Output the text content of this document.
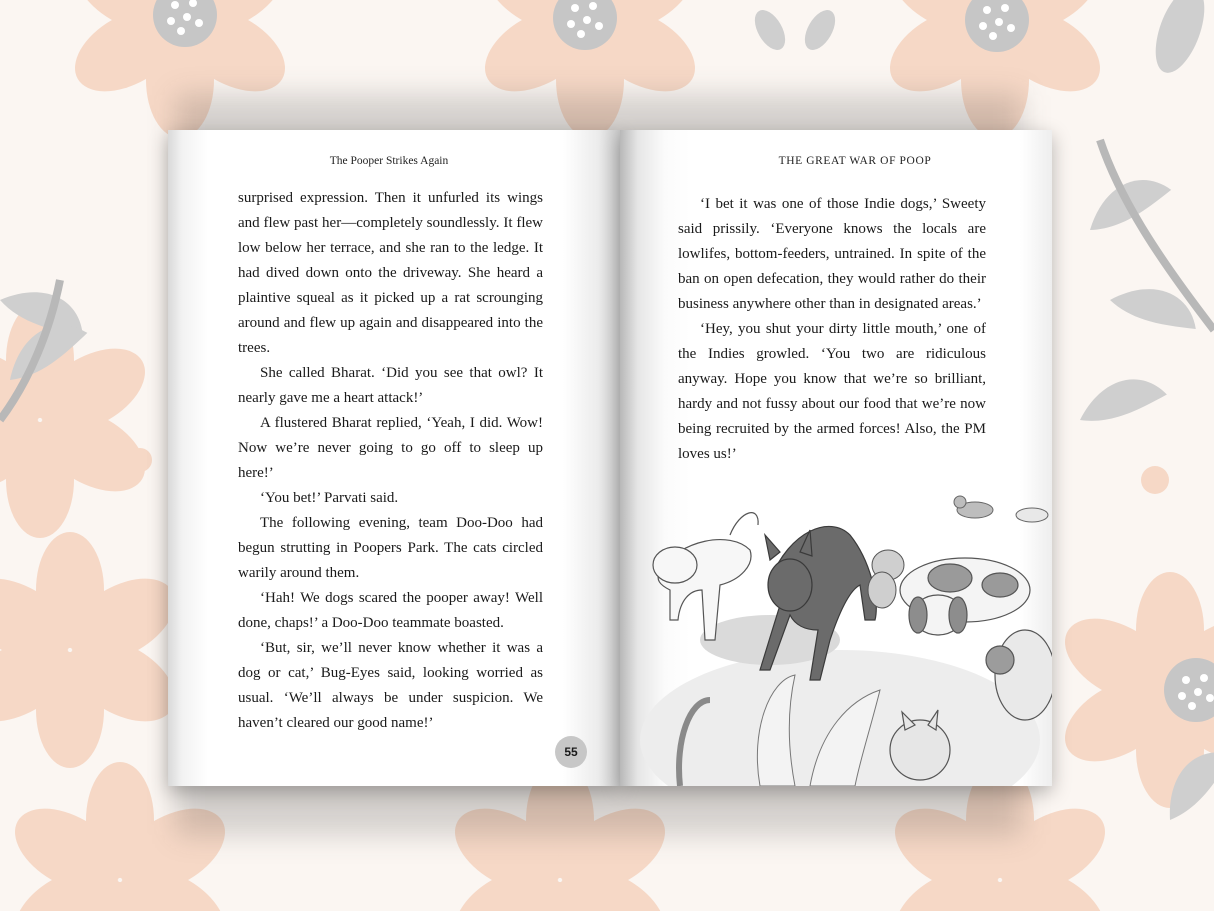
The Pooper Strikes Again

surprised expression. Then it unfurled its wings and flew past her—completely soundlessly. It flew low below her terrace, and she ran to the ledge. It had dived down onto the driveway. She heard a plaintive squeal as it picked up a rat scrounging around and flew up again and disappeared into the trees.

She called Bharat. ‘Did you see that owl? It nearly gave me a heart attack!’

A flustered Bharat replied, ‘Yeah, I did. Wow! Now we’re never going to go off to sleep up here!’

‘You bet!’ Parvati said.

The following evening, team Doo-Doo had begun strutting in Poopers Park. The cats circled warily around them.

‘Hah! We dogs scared the pooper away! Well done, chaps!’ a Doo-Doo teammate boasted.

‘But, sir, we’ll never know whether it was a dog or cat,’ Bug-Eyes said, looking worried as usual. ‘We’ll always be under suspicion. We haven’t cleared our good name!’

55
THE GREAT WAR OF POOP

‘I bet it was one of those Indie dogs,’ Sweety said prissily. ‘Everyone knows the locals are lowlifes, bottom-feeders, untrained. In spite of the ban on open defecation, they would rather do their business anywhere other than in designated areas.’

‘Hey, you shut your dirty little mouth,’ one of the Indies growled. ‘You two are ridiculous anyway. Hope you know that we’re so brilliant, hardy and not fussy about our food that we’re now being recruited by the armed forces! Also, the PM loves us!’
